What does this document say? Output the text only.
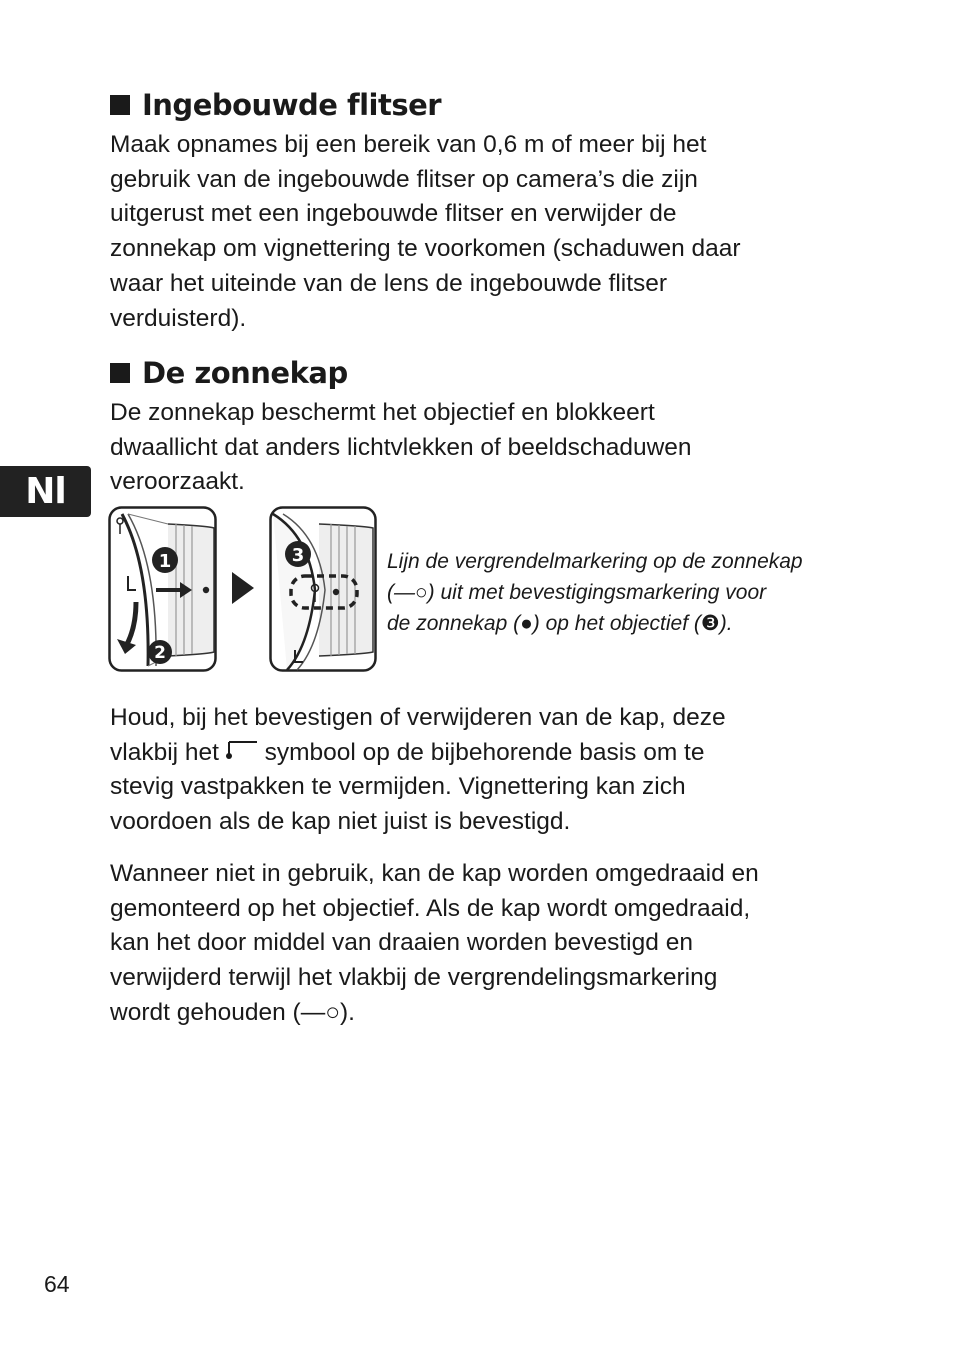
Ingebouwde flitser

Maak opnames bij een bereik van 0,6 m of meer bij het
gebruik van de ingebouwde flitser op camera’s die zijn
uitgerust met een ingebouwde flitser en verwijder de
zonnekap om vignettering te voorkomen (schaduwen daar
waar het uiteinde van de lens de ingebouwde flitser
verduisterd).

De zonnekap

De zonnekap beschermt het objectief en blokkeert
dwaallicht dat anders lichtvlekken of beeldschaduwen
veroorzaakt.

Nl
1
2
3	Lijn de vergrendelmarkering op de zonnekap
(—○) uit met bevestigingsmarkering voor
de zonnekap (●) op het objectief (❸).

Houd, bij het bevestigen of verwijderen van de kap, deze
vlakbij het symbool op de bijbehorende basis om te
stevig vastpakken te vermijden. Vignettering kan zich
voordoen als de kap niet juist is bevestigd.

Wanneer niet in gebruik, kan de kap worden omgedraaid en
gemonteerd op het objectief. Als de kap wordt omgedraaid,
kan het door middel van draaien worden bevestigd en
verwijderd terwijl het vlakbij de vergrendelingsmarkering
wordt gehouden (—○).

64
